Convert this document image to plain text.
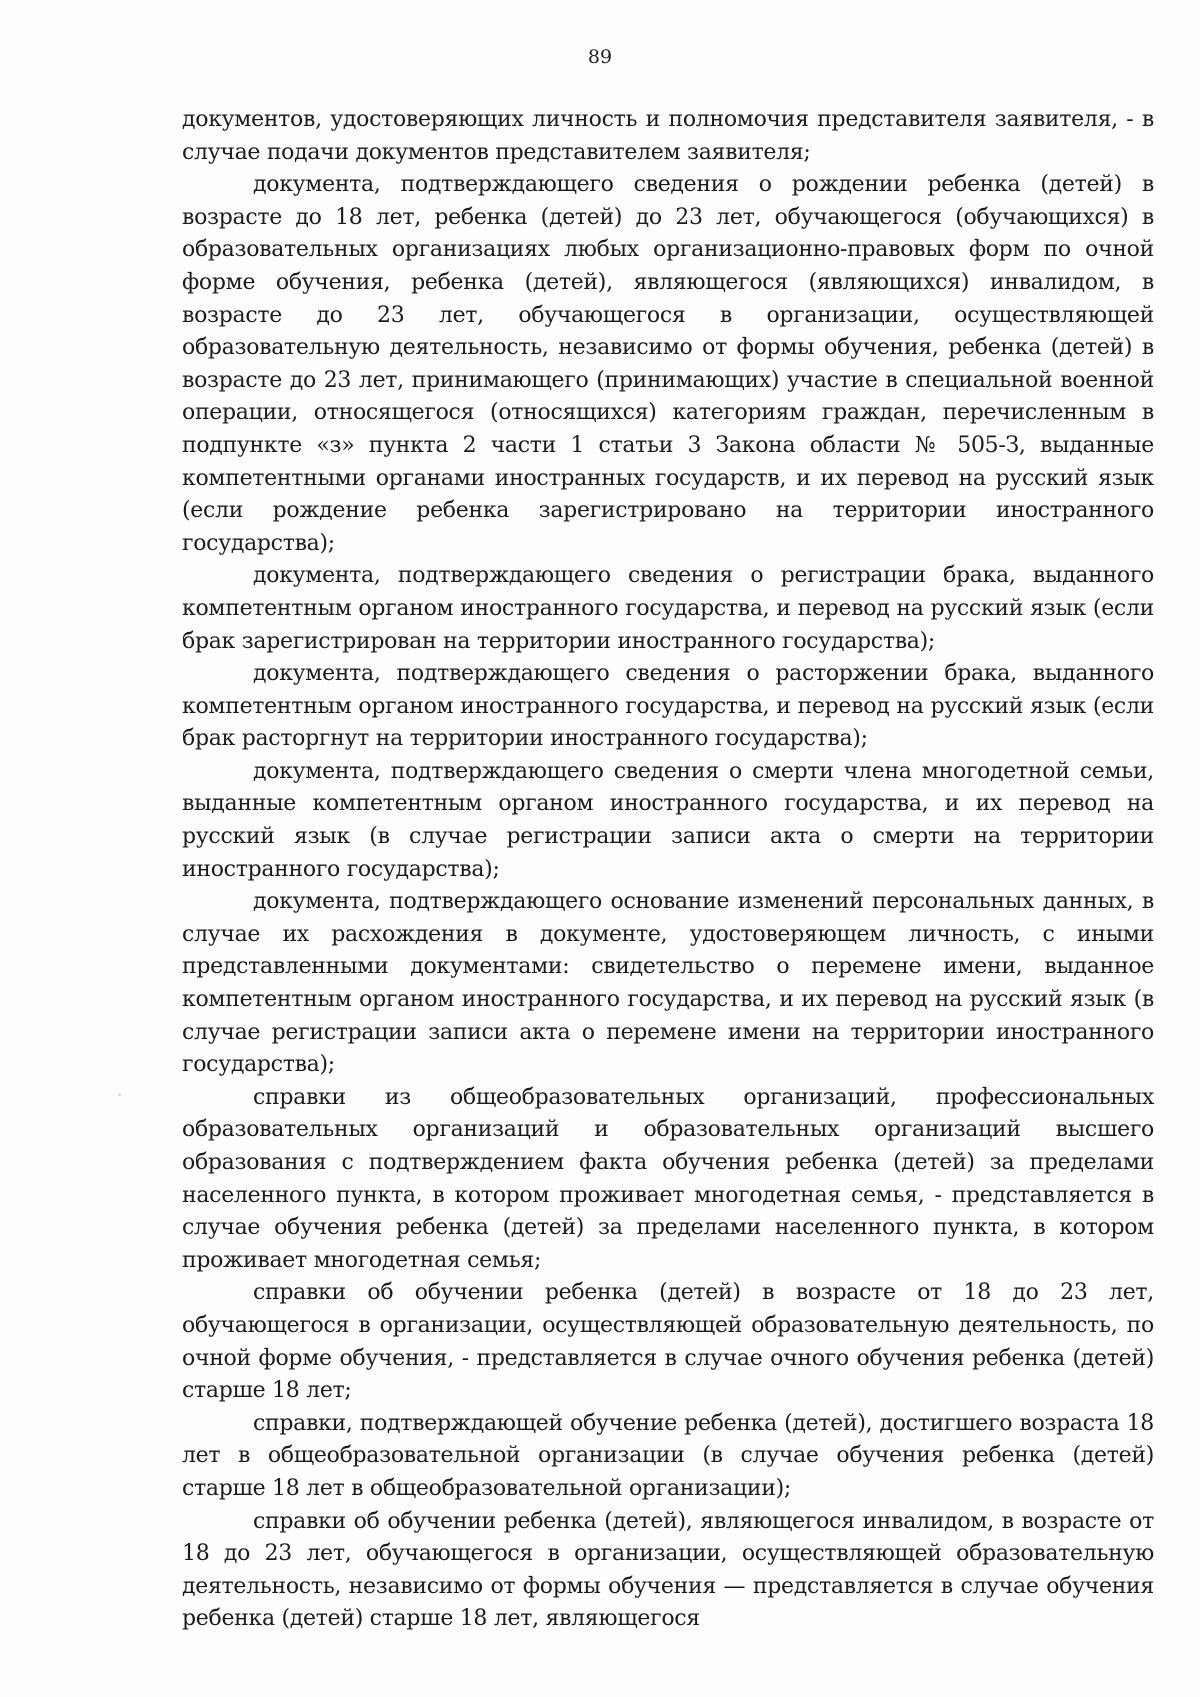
89

документов, удостоверяющих личность и полномочия представителя заявителя, - в случае подачи документов представителем заявителя;

документа, подтверждающего сведения о рождении ребенка (детей) в возрасте до 18 лет, ребенка (детей) до 23 лет, обучающегося (обучающихся) в образовательных организациях любых организационно-правовых форм по очной форме обучения, ребенка (детей), являющегося (являющихся) инвалидом, в возрасте до 23 лет, обучающегося в организации, осуществляющей образовательную деятельность, независимо от формы обучения, ребенка (детей) в возрасте до 23 лет, принимающего (принимающих) участие в специальной военной операции, относящегося (относящихся) категориям граждан, перечисленным в подпункте «з» пункта 2 части 1 статьи 3 Закона области № 505-З, выданные компетентными органами иностранных государств, и их перевод на русский язык (если рождение ребенка зарегистрировано на территории иностранного государства);

документа, подтверждающего сведения о регистрации брака, выданного компетентным органом иностранного государства, и перевод на русский язык (если брак зарегистрирован на территории иностранного государства);

документа, подтверждающего сведения о расторжении брака, выданного компетентным органом иностранного государства, и перевод на русский язык (если брак расторгнут на территории иностранного государства);

документа, подтверждающего сведения о смерти члена многодетной семьи, выданные компетентным органом иностранного государства, и их перевод на русский язык (в случае регистрации записи акта о смерти на территории иностранного государства);

документа, подтверждающего основание изменений персональных данных, в случае их расхождения в документе, удостоверяющем личность, с иными представленными документами: свидетельство о перемене имени, выданное компетентным органом иностранного государства, и их перевод на русский язык (в случае регистрации записи акта о перемене имени на территории иностранного государства);

справки из общеобразовательных организаций, профессиональных образовательных организаций и образовательных организаций высшего образования с подтверждением факта обучения ребенка (детей) за пределами населенного пункта, в котором проживает многодетная семья, - представляется в случае обучения ребенка (детей) за пределами населенного пункта, в котором проживает многодетная семья;

справки об обучении ребенка (детей) в возрасте от 18 до 23 лет, обучающегося в организации, осуществляющей образовательную деятельность, по очной форме обучения, - представляется в случае очного обучения ребенка (детей) старше 18 лет;

справки, подтверждающей обучение ребенка (детей), достигшего возраста 18 лет в общеобразовательной организации (в случае обучения ребенка (детей) старше 18 лет в общеобразовательной организации);

справки об обучении ребенка (детей), являющегося инвалидом, в возрасте от 18 до 23 лет, обучающегося в организации, осуществляющей образовательную деятельность, независимо от формы обучения — представляется в случае обучения ребенка (детей) старше 18 лет, являющегося
